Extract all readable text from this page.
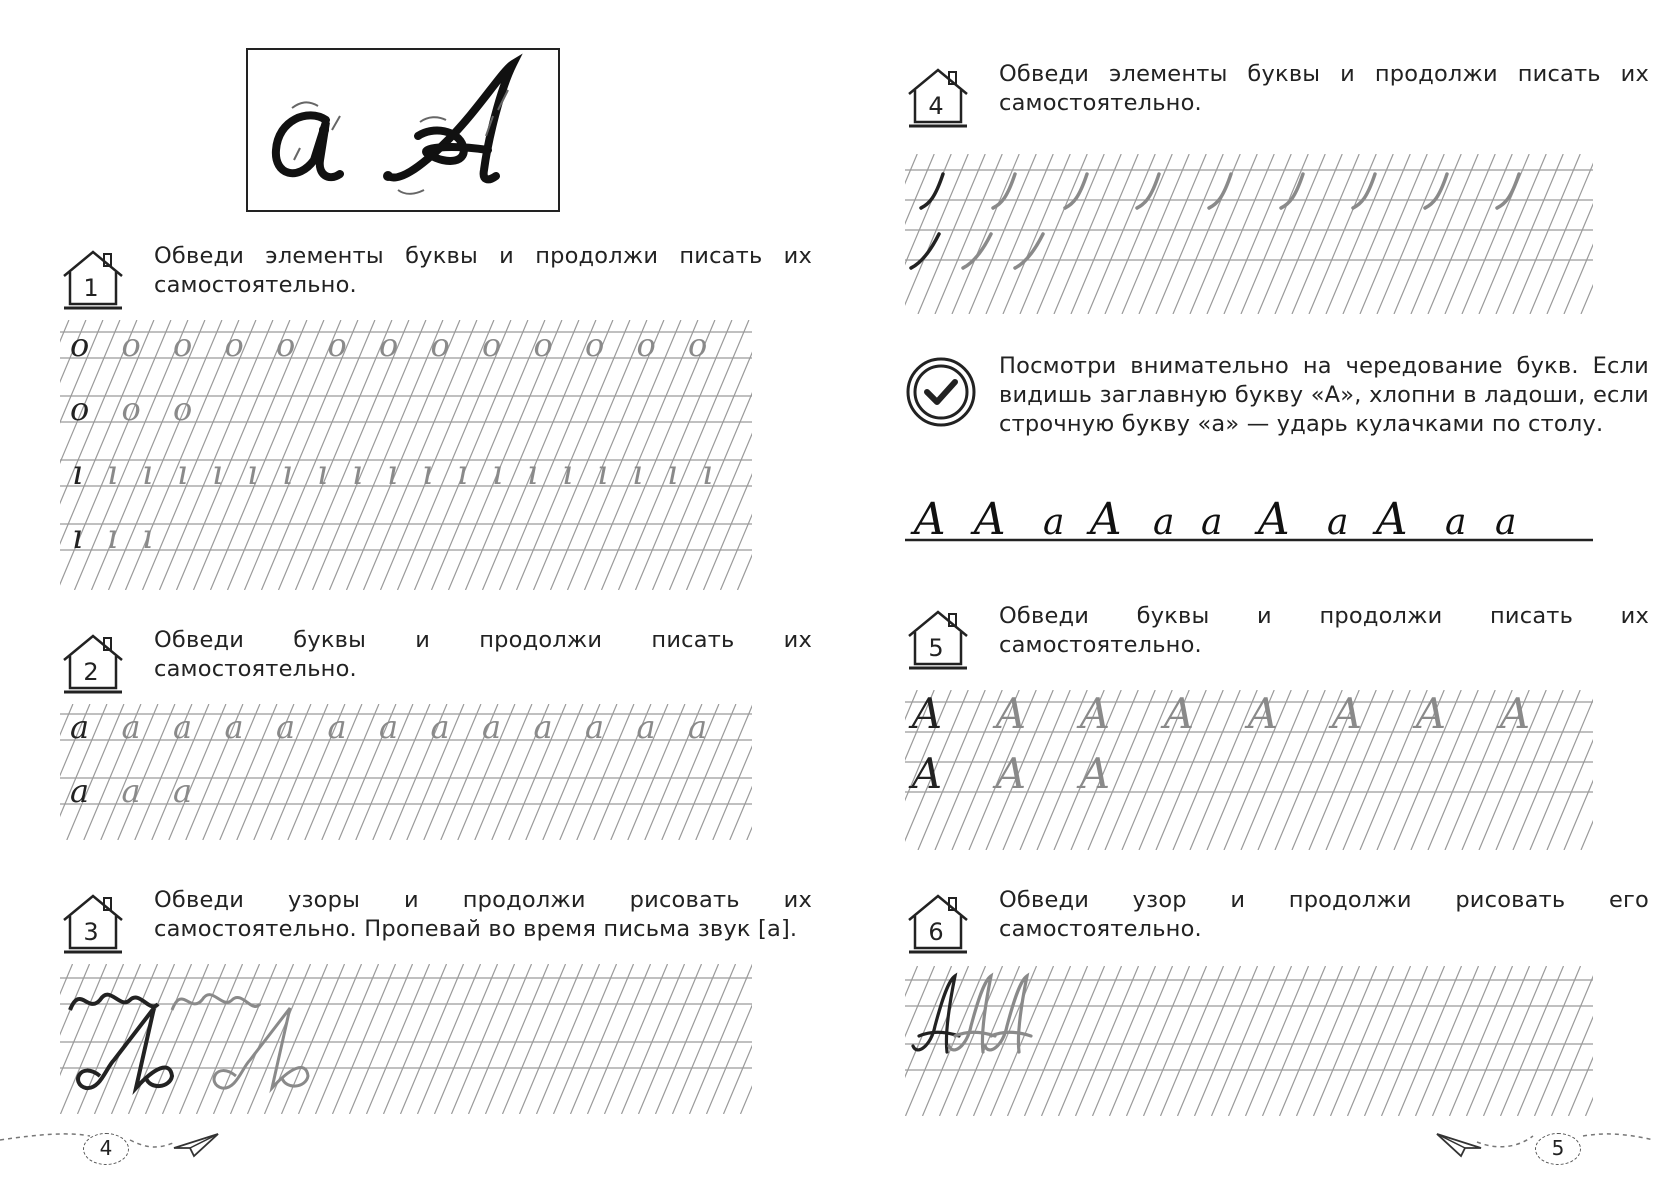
1
Обведи элементы буквы и продолжи писать их самостоятельно.
o o o o o o o o o o o o o
o o o
ı ı ı ı ı ı ı ı ı ı ı ı ı ı ı ı ı ı ı
ı ı ı
2
Обведи буквы и продолжи писать их самостоятельно.
a a a a a a a a a a a a a
a a a
3
Обведи узоры и продолжи рисовать их самостоятельно. Пропевай во время письма звук [а].
4
4
Обведи элементы буквы и продолжи писать их самостоятельно.
Посмотри внимательно на чередование букв. Если видишь заглавную букву «А», хлопни в ладоши, если строчную букву «а» — ударь кулачками по столу.
А А а А а а А а А а а
5
Обведи буквы и продолжи писать их самостоятельно.
А А А А А А А А
А А А
6
Обведи узор и продолжи рисовать его самостоятельно.
5
